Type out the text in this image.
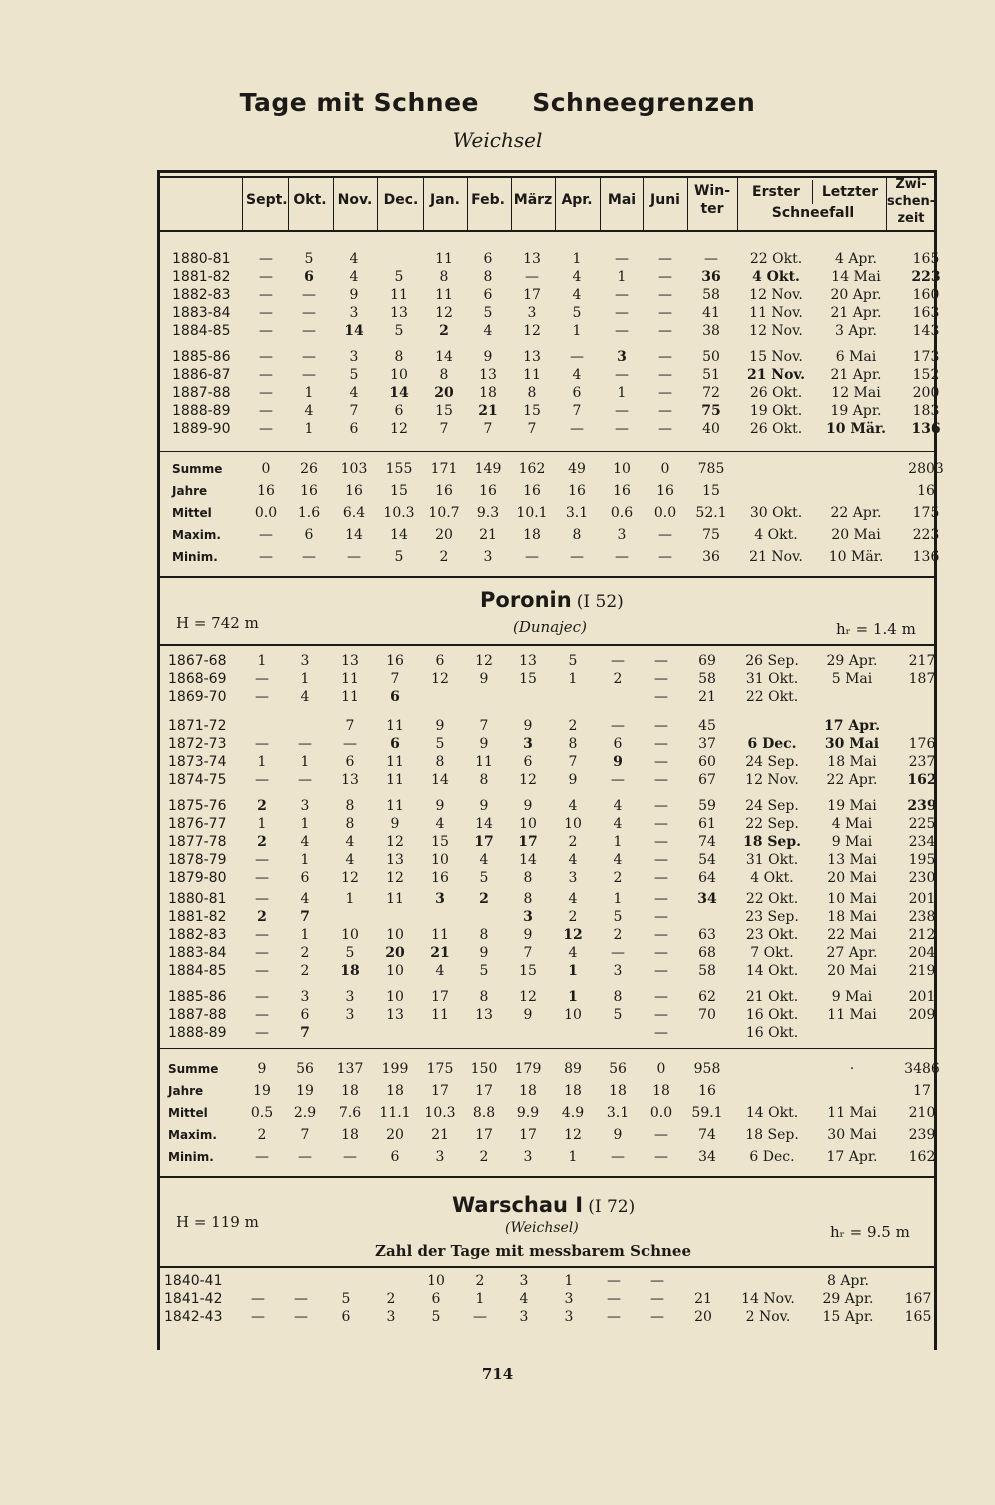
Tage mit Schnee Schneegrenzen
Weichsel
Sept. Okt. Nov. Dec. Jan. Feb. März Apr.	Mai Juni
Win-ter
Erster	Letzter
Schneefall
Zwi-schen-zeit
1880-81	—	5	4		11	6	13	1	—	—	—	22 Okt.	4 Apr.	165
1881-82	—	6	4	5	8	8	—	4	1	—	36	4 Okt.	14 Mai	223
1882-83	—	—	9	11	11	6	17	4	—	—	58	12 Nov.	20 Apr.	160
1883-84	—	—	3	13	12	5	3	5	—	—	41	11 Nov.	21 Apr.	163
1884-85	—	—	14	5	2	4	12	1	—	—	38	12 Nov.	3 Apr.	143
1885-86	—	—	3	8	14	9	13	—	3	—	50	15 Nov.	6 Mai	173
1886-87	—	—	5	10	8	13	11	4	—	—	51	21 Nov.	21 Apr.	152
1887-88	—	1	4	14	20	18	8	6	1	—	72	26 Okt.	12 Mai	200
1888-89	—	4	7	6	15	21	15	7	—	—	75	19 Okt.	19 Apr.	183
1889-90	—	1	6	12	7	7	7	—	—	—	40	26 Okt.	10 Mär.	136
Summe	0	26	103	155	171	149	162	49	10	0	785			2803
Jahre	16	16	16	15	16	16	16	16	16	16	15			16
Mittel	0.0	1.6	6.4	10.3	10.7	9.3	10.1	3.1	0.6	0.0	52.1	30 Okt.	22 Apr.	175
Maxim.	—	6	14	14	20	21	18	8	3	—	75	4 Okt.	20 Mai	223
Minim.	—	—	—	5	2	3	—	—	—	—	36	21 Nov.	10 Mär.	136
Poronin (I 52)
(Dunajec)
H = 742 m	hᵣ = 1.4 m
1867-68	1	3	13	16	6	12	13	5	—	—	69	26 Sep.	29 Apr.	217
1868-69	—	1	11	7	12	9	15	1	2	—	58	31 Okt.	5 Mai	187
1869-70	—	4	11	6						—	21	22 Okt.		
1871-72			7	11	9	7	9	2	—	—	45		17 Apr.	
1872-73	—	—	—	6	5	9	3	8	6	—	37	6 Dec.	30 Mai	176
1873-74	1	1	6	11	8	11	6	7	9	—	60	24 Sep.	18 Mai	237
1874-75	—	—	13	11	14	8	12	9	—	—	67	12 Nov.	22 Apr.	162
1875-76	2	3	8	11	9	9	9	4	4	—	59	24 Sep.	19 Mai	239
1876-77	1	1	8	9	4	14	10	10	4	—	61	22 Sep.	4 Mai	225
1877-78	2	4	4	12	15	17	17	2	1	—	74	18 Sep.	9 Mai	234
1878-79	—	1	4	13	10	4	14	4	4	—	54	31 Okt.	13 Mai	195
1879-80	—	6	12	12	16	5	8	3	2	—	64	4 Okt.	20 Mai	230
1880-81	—	4	1	11	3	2	8	4	1	—	34	22 Okt.	10 Mai	201
1881-82	2	7					3	2	5	—		23 Sep.	18 Mai	238
1882-83	—	1	10	10	11	8	9	12	2	—	63	23 Okt.	22 Mai	212
1883-84	—	2	5	20	21	9	7	4	—	—	68	7 Okt.	27 Apr.	204
1884-85	—	2	18	10	4	5	15	1	3	—	58	14 Okt.	20 Mai	219
1885-86	—	3	3	10	17	8	12	1	8	—	62	21 Okt.	9 Mai	201
1887-88	—	6	3	13	11	13	9	10	5	—	70	16 Okt.	11 Mai	209
1888-89	—	7								—		16 Okt.		
Summe	9	56	137	199	175	150	179	89	56	0	958		·	3486
Jahre	19	19	18	18	17	17	18	18	18	18	16			17
Mittel	0.5	2.9	7.6	11.1	10.3	8.8	9.9	4.9	3.1	0.0	59.1	14 Okt.	11 Mai	210
Maxim.	2	7	18	20	21	17	17	12	9	—	74	18 Sep.	30 Mai	239
Minim.	—	—	—	6	3	2	3	1	—	—	34	6 Dec.	17 Apr.	162
Warschau I (I 72)
(Weichsel)
H = 119 m
hᵣ = 9.5 m
Zahl der Tage mit messbarem Schnee
1840-41					10	2	3	1	—	—			8 Apr.	
1841-42	—	—	5	2	6	1	4	3	—	—	21	14 Nov.	29 Apr.	167
1842-43	—	—	6	3	5	—	3	3	—	—	20	2 Nov.	15 Apr.	165
714
